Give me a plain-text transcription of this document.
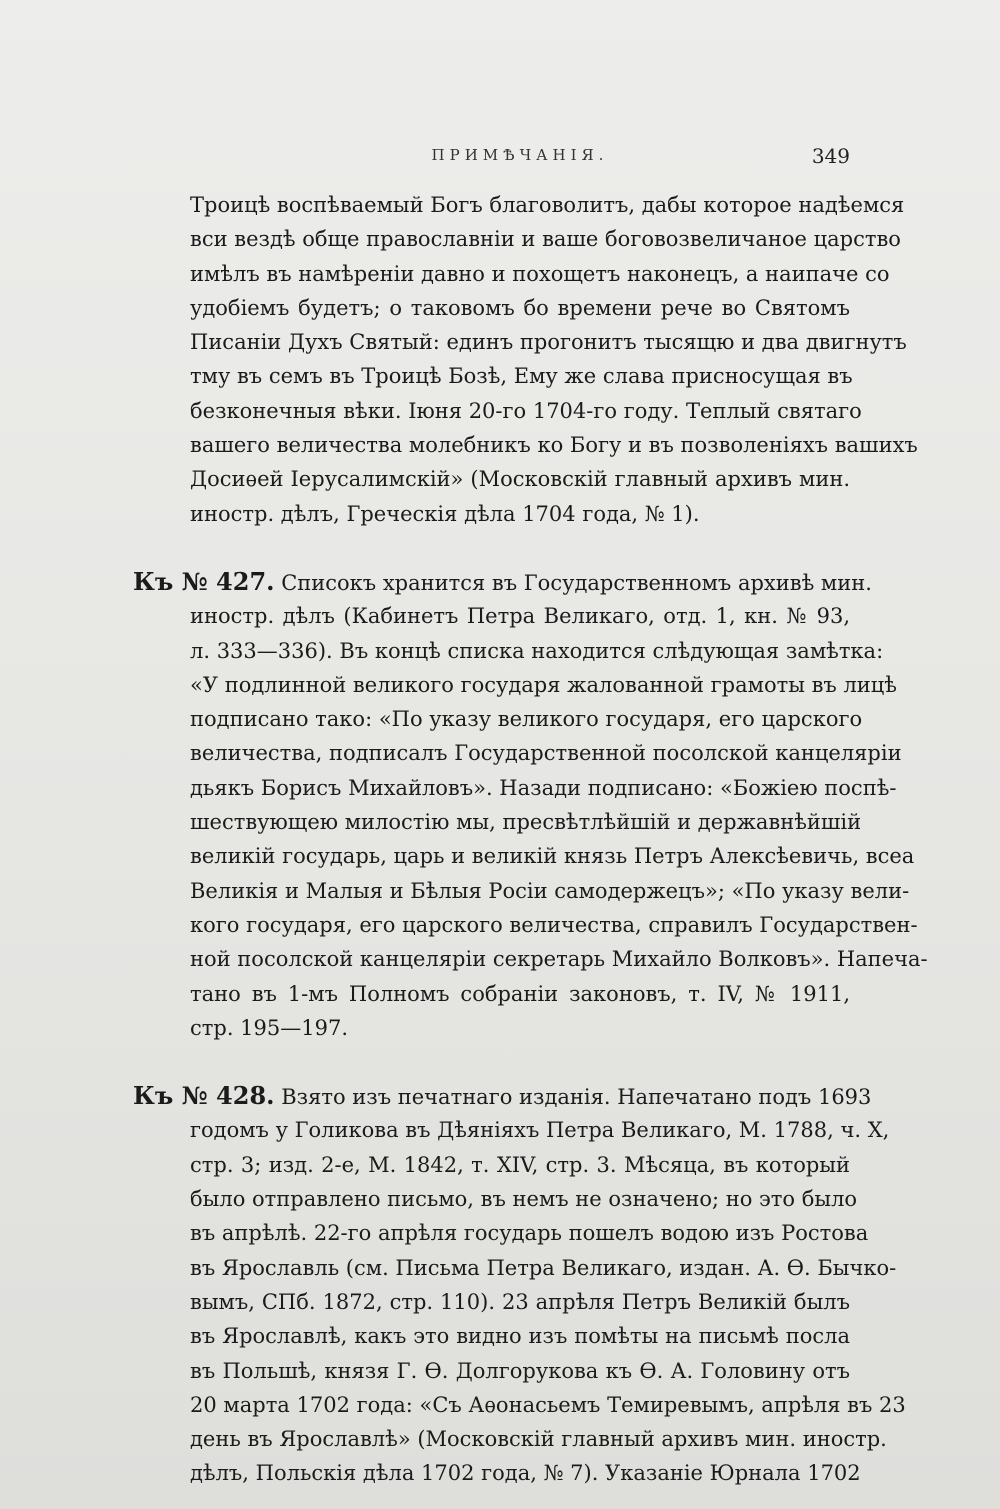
ПРИМѢЧАНІЯ.	349
Троицѣ воспѣваемый Богъ благоволитъ, дабы которое надѣемся
вси вездѣ обще православніи и ваше боговозвеличаное царство
имѣлъ въ намѣреніи давно и похощетъ наконецъ, а наипаче со
удобіемъ будетъ; о таковомъ бо времени рече во Святомъ
Писаніи Духъ Святый: единъ прогонитъ тысящю и два двигнутъ
тму въ семъ въ Троицѣ Бозѣ, Ему же слава присносущая въ
безконечныя вѣки. Іюня 20-го 1704-го году. Теплый святаго
вашего величества молебникъ ко Богу и въ позволеніяхъ вашихъ
Досиѳей Іерусалимскій» (Московскій главный архивъ мин.
иностр. дѣлъ, Греческія дѣла 1704 года, № 1).
Къ № 427. Списокъ хранится въ Государственномъ архивѣ мин.
иностр. дѣлъ (Кабинетъ Петра Великаго, отд. 1, кн. № 93,
л. 333—336). Въ концѣ списка находится слѣдующая замѣтка:
«У подлинной великого государя жалованной грамоты въ лицѣ
подписано тако: «По указу великого государя, его царского
величества, подписалъ Государственной посолской канцеляріи
дьякъ Борисъ Михайловъ». Назади подписано: «Божіею поспѣ-
шествующею милостію мы, пресвѣтлѣйшій и державнѣйшій
великій государь, царь и великій князь Петръ Алексѣевичь, всеа
Великія и Малыя и Бѣлыя Росіи самодержецъ»; «По указу вели-
кого государя, его царского величества, справилъ Государствен-
ной посолской канцеляріи секретарь Михайло Волковъ». Напеча-
тано въ 1-мъ Полномъ собраніи законовъ, т. IV, № 1911,
стр. 195—197.
Къ № 428. Взято изъ печатнаго изданія. Напечатано подъ 1693
годомъ у Голикова въ Дѣяніяхъ Петра Великаго, М. 1788, ч. X,
стр. 3; изд. 2-е, М. 1842, т. XIV, стр. 3. Мѣсяца, въ который
было отправлено письмо, въ немъ не означено; но это было
въ апрѣлѣ. 22-го апрѣля государь пошелъ водою изъ Ростова
въ Ярославль (см. Письма Петра Великаго, издан. А. Ѳ. Бычко-
вымъ, СПб. 1872, стр. 110). 23 апрѣля Петръ Великій былъ
въ Ярославлѣ, какъ это видно изъ помѣты на письмѣ посла
въ Польшѣ, князя Г. Ѳ. Долгорукова къ Ѳ. А. Головину отъ
20 марта 1702 года: «Съ Аѳонасьемъ Темиревымъ, апрѣля въ 23
день въ Ярославлѣ» (Московскій главный архивъ мин. иностр.
дѣлъ, Польскія дѣла 1702 года, № 7). Указаніе Юрнала 1702
